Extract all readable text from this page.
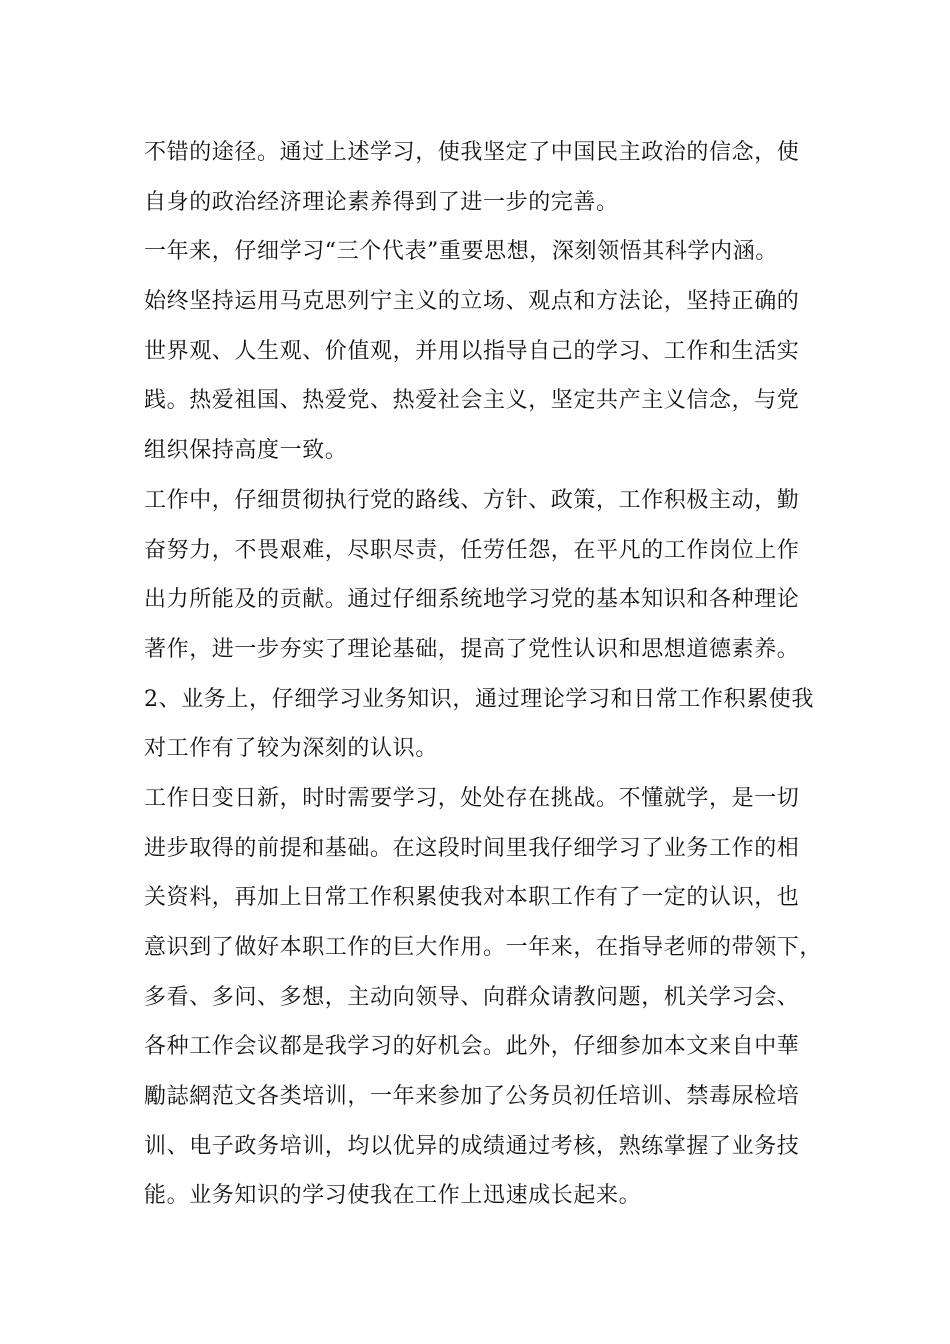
不错的途径。通过上述学习，使我坚定了中国民主政治的信念，使
自身的政治经济理论素养得到了进一步的完善。
一年来，仔细学习“三个代表”重要思想，深刻领悟其科学内涵。
始终坚持运用马克思列宁主义的立场、观点和方法论，坚持正确的
世界观、人生观、价值观，并用以指导自己的学习、工作和生活实
践。热爱祖国、热爱党、热爱社会主义，坚定共产主义信念，与党
组织保持高度一致。
工作中，仔细贯彻执行党的路线、方针、政策，工作积极主动，勤
奋努力，不畏艰难，尽职尽责，任劳任怨，在平凡的工作岗位上作
出力所能及的贡献。通过仔细系统地学习党的基本知识和各种理论
著作，进一步夯实了理论基础，提高了党性认识和思想道德素养。
2、业务上，仔细学习业务知识，通过理论学习和日常工作积累使我
对工作有了较为深刻的认识。
工作日变日新，时时需要学习，处处存在挑战。不懂就学，是一切
进步取得的前提和基础。在这段时间里我仔细学习了业务工作的相
关资料，再加上日常工作积累使我对本职工作有了一定的认识，也
意识到了做好本职工作的巨大作用。一年来，在指导老师的带领下，
多看、多问、多想，主动向领导、向群众请教问题，机关学习会、
各种工作会议都是我学习的好机会。此外，仔细参加本文来自中華
勵誌網范文各类培训，一年来参加了公务员初任培训、禁毒尿检培
训、电子政务培训，均以优异的成绩通过考核，熟练掌握了业务技
能。业务知识的学习使我在工作上迅速成长起来。
